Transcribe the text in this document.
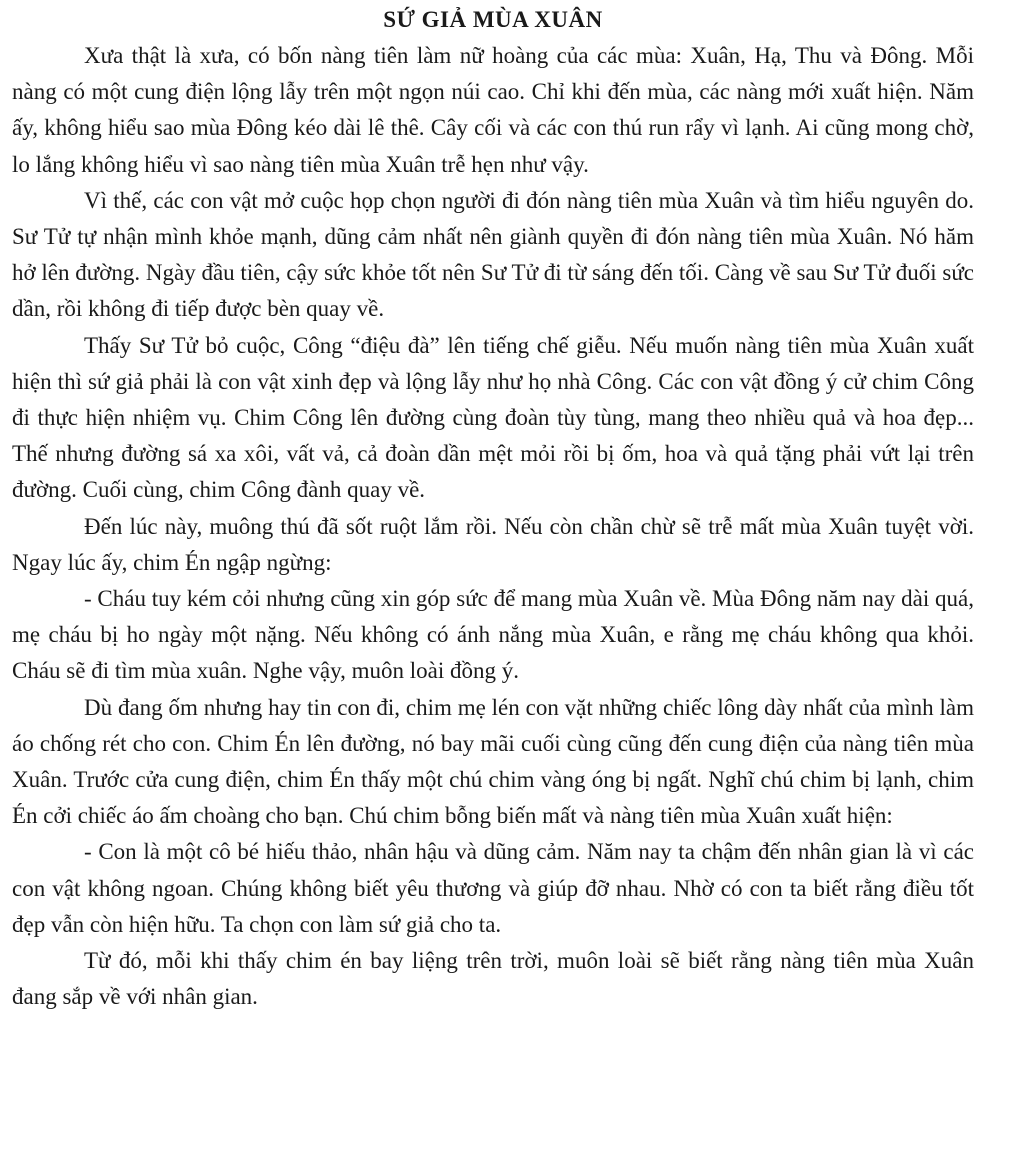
SỨ GIẢ MÙA XUÂN

Xưa thật là xưa, có bốn nàng tiên làm nữ hoàng của các mùa: Xuân, Hạ, Thu và Đông. Mỗi nàng có một cung điện lộng lẫy trên một ngọn núi cao. Chỉ khi đến mùa, các nàng mới xuất hiện. Năm ấy, không hiểu sao mùa Đông kéo dài lê thê. Cây cối và các con thú run rẩy vì lạnh. Ai cũng mong chờ, lo lắng không hiểu vì sao nàng tiên mùa Xuân trễ hẹn như vậy.

Vì thế, các con vật mở cuộc họp chọn người đi đón nàng tiên mùa Xuân và tìm hiểu nguyên do. Sư Tử tự nhận mình khỏe mạnh, dũng cảm nhất nên giành quyền đi đón nàng tiên mùa Xuân. Nó hăm hở lên đường. Ngày đầu tiên, cậy sức khỏe tốt nên Sư Tử đi từ sáng đến tối. Càng về sau Sư Tử đuối sức dần, rồi không đi tiếp được bèn quay về.

Thấy Sư Tử bỏ cuộc, Công “điệu đà” lên tiếng chế giễu. Nếu muốn nàng tiên mùa Xuân xuất hiện thì sứ giả phải là con vật xinh đẹp và lộng lẫy như họ nhà Công. Các con vật đồng ý cử chim Công đi thực hiện nhiệm vụ. Chim Công lên đường cùng đoàn tùy tùng, mang theo nhiều quả và hoa đẹp... Thế nhưng đường sá xa xôi, vất vả, cả đoàn dần mệt mỏi rồi bị ốm, hoa và quả tặng phải vứt lại trên đường. Cuối cùng, chim Công đành quay về.

Đến lúc này, muông thú đã sốt ruột lắm rồi. Nếu còn chần chừ sẽ trễ mất mùa Xuân tuyệt vời. Ngay lúc ấy, chim Én ngập ngừng:

- Cháu tuy kém cỏi nhưng cũng xin góp sức để mang mùa Xuân về. Mùa Đông năm nay dài quá, mẹ cháu bị ho ngày một nặng. Nếu không có ánh nắng mùa Xuân, e rằng mẹ cháu không qua khỏi. Cháu sẽ đi tìm mùa xuân. Nghe vậy, muôn loài đồng ý.

Dù đang ốm nhưng hay tin con đi, chim mẹ lén con vặt những chiếc lông dày nhất của mình làm áo chống rét cho con. Chim Én lên đường, nó bay mãi cuối cùng cũng đến cung điện của nàng tiên mùa Xuân. Trước cửa cung điện, chim Én thấy một chú chim vàng óng bị ngất. Nghĩ chú chim bị lạnh, chim Én cởi chiếc áo ấm choàng cho bạn. Chú chim bỗng biến mất và nàng tiên mùa Xuân xuất hiện:

- Con là một cô bé hiếu thảo, nhân hậu và dũng cảm. Năm nay ta chậm đến nhân gian là vì các con vật không ngoan. Chúng không biết yêu thương và giúp đỡ nhau. Nhờ có con ta biết rằng điều tốt đẹp vẫn còn hiện hữu. Ta chọn con làm sứ giả cho ta.

Từ đó, mỗi khi thấy chim én bay liệng trên trời, muôn loài sẽ biết rằng nàng tiên mùa Xuân đang sắp về với nhân gian.
